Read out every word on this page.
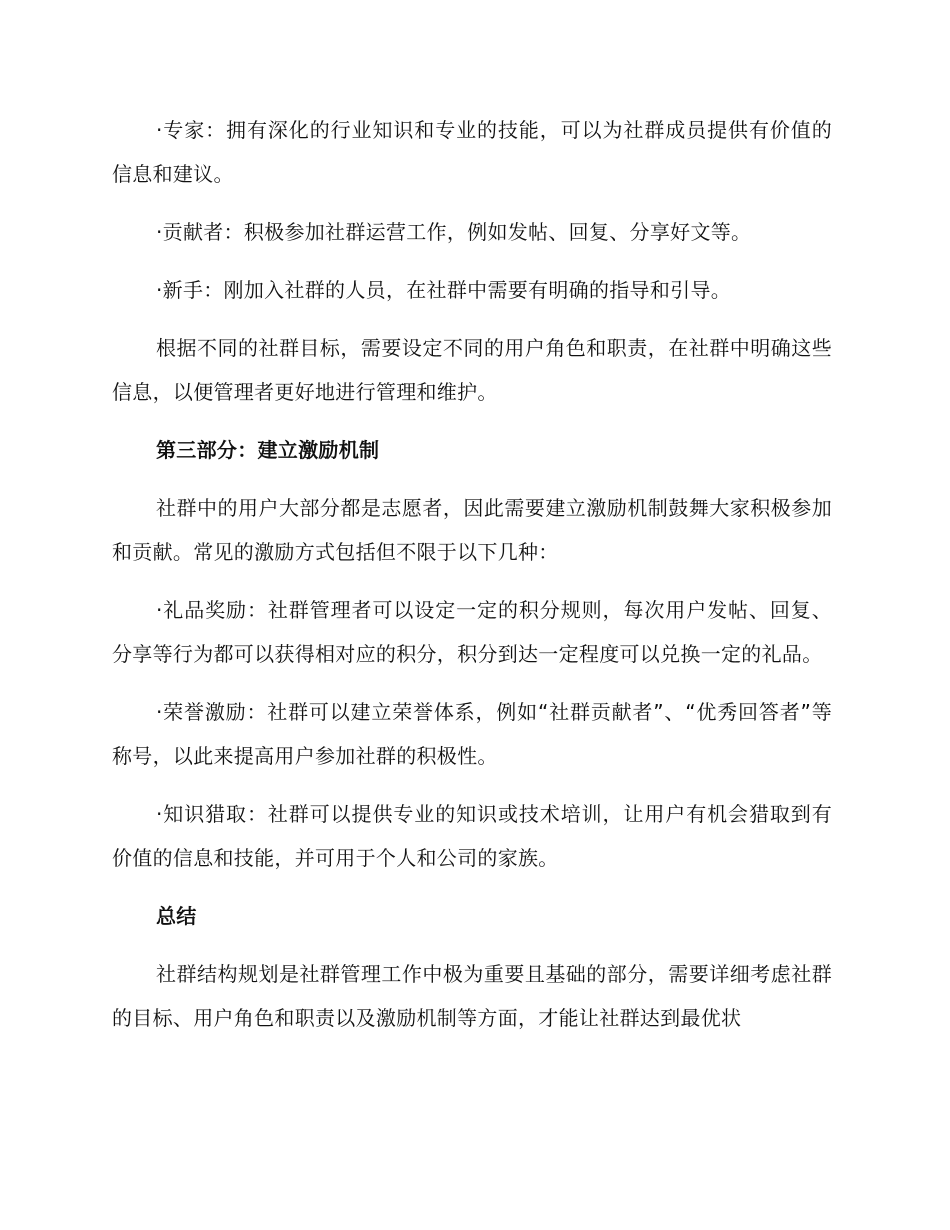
·专家：拥有深化的行业知识和专业的技能，可以为社群成员提供有价值的信息和建议。

·贡献者：积极参加社群运营工作，例如发帖、回复、分享好文等。

·新手：刚加入社群的人员，在社群中需要有明确的指导和引导。

根据不同的社群目标，需要设定不同的用户角色和职责，在社群中明确这些信息，以便管理者更好地进行管理和维护。

第三部分：建立激励机制

社群中的用户大部分都是志愿者，因此需要建立激励机制鼓舞大家积极参加和贡献。常见的激励方式包括但不限于以下几种：

·礼品奖励：社群管理者可以设定一定的积分规则，每次用户发帖、回复、分享等行为都可以获得相对应的积分，积分到达一定程度可以兑换一定的礼品。

·荣誉激励：社群可以建立荣誉体系，例如“社群贡献者”、“优秀回答者”等称号，以此来提高用户参加社群的积极性。

·知识猎取：社群可以提供专业的知识或技术培训，让用户有机会猎取到有价值的信息和技能，并可用于个人和公司的家族。

总结

社群结构规划是社群管理工作中极为重要且基础的部分，需要详细考虑社群的目标、用户角色和职责以及激励机制等方面，才能让社群达到最优状
